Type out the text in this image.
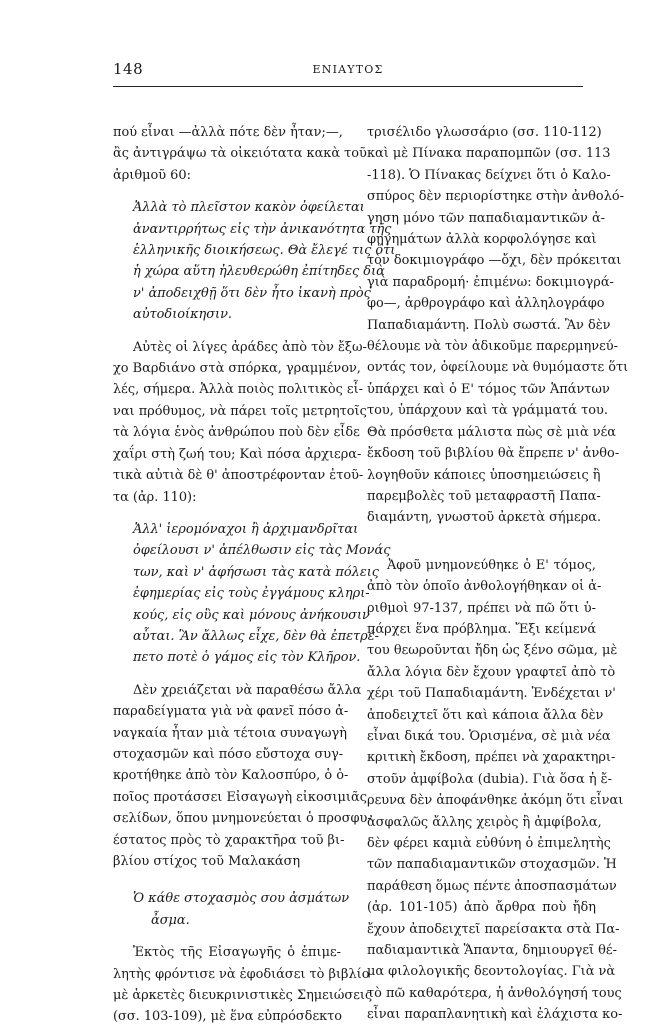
148	ΕΝΙΑΥΤΟΣ

πού εἶναι —ἀλλὰ πότε δὲν ἦταν;—,
ἂς ἀντιγράψω τὰ οἰκειότατα κακὰ τοῦ
ἀριθμοῦ 60:

Ἀλλὰ τὸ πλεῖστον κακὸν ὀφείλεται
ἀναντιρρήτως εἰς τὴν ἀνικανότητα τῆς
ἑλληνικῆς διοικήσεως. Θὰ ἔλεγέ τις ὅτι
ἡ χώρα αὕτη ἠλευθερώθη ἐπίτηδες διὰ
ν' ἀποδειχθῇ ὅτι δὲν ἦτο ἱκανὴ πρὸς
αὐτοδιοίκησιν.

Αὐτὲς οἱ λίγες ἀράδες ἀπὸ τὸν ἔξω-
χο Βαρδιάνο στὰ σπόρκα, γραμμένον,
λές, σήμερα. Ἀλλὰ ποιὸς πολιτικὸς εἶ-
ναι πρόθυμος, νὰ πάρει τοῖς μετρητοῖς
τὰ λόγια ἑνὸς ἀνθρώπου ποὺ δὲν εἶδε
χαΐρι στὴ ζωή του; Καὶ πόσα ἀρχιερα-
τικὰ αὐτιὰ δὲ θ' ἀποστρέφονταν ἐτοῦ-
τα (ἀρ. 110):

Ἀλλ' ἱερομόναχοι ἢ ἀρχιμανδρῖται
ὀφείλουσι ν' ἀπέλθωσιν εἰς τὰς Μονάς
των, καὶ ν' ἀφήσωσι τὰς κατὰ πόλεις
ἐφημερίας εἰς τοὺς ἐγγάμους κληρι-
κούς, εἰς οὓς καὶ μόνους ἀνήκουσιν
αὗται. Ἂν ἄλλως εἶχε, δὲν θὰ ἐπετρέ-
πετο ποτὲ ὁ γάμος εἰς τὸν Κλῆρον.

Δὲν χρειάζεται νὰ παραθέσω ἄλλα
παραδείγματα γιὰ νὰ φανεῖ πόσο ἀ-
ναγκαία ἦταν μιὰ τέτοια συναγωγὴ
στοχασμῶν καὶ πόσο εὔστοχα συγ-
κροτήθηκε ἀπὸ τὸν Καλοσπύρο, ὁ ὁ-
ποῖος προτάσσει Εἰσαγωγὴ εἰκοσιμιᾶς
σελίδων, ὅπου μνημονεύεται ὁ προσφυ-
έστατος πρὸς τὸ χαρακτῆρα τοῦ βι-
βλίου στίχος τοῦ Μαλακάση

Ὁ κάθε στοχασμὸς σου ἀσμάτων
ἆσμα.

Ἐκτὸς τῆς Εἰσαγωγῆς ὁ ἐπιμε-
λητὴς φρόντισε νὰ ἐφοδιάσει τὸ βιβλίο
μὲ ἀρκετὲς διευκρινιστικὲς Σημειώσεις
(σσ. 103-109), μὲ ἕνα εὐπρόσδεκτο

τρισέλιδο γλωσσάριο (σσ. 110-112)
καὶ μὲ Πίνακα παραπομπῶν (σσ. 113
-118). Ὁ Πίνακας δείχνει ὅτι ὁ Καλο-
σπύρος δὲν περιορίστηκε στὴν ἀνθολό-
γηση μόνο τῶν παπαδιαμαντικῶν ἀ-
φηγημάτων ἀλλὰ κορφολόγησε καὶ
τὸν δοκιμιογράφο —ὄχι, δὲν πρόκειται
γιὰ παραδρομή· ἐπιμένω: δοκιμιογρά-
φο—, ἀρθρογράφο καὶ ἀλληλογράφο
Παπαδιαμάντη. Πολὺ σωστά. Ἂν δὲν
θέλουμε νὰ τὸν ἀδικοῦμε παρερμηνεύ-
οντάς τον, ὀφείλουμε νὰ θυμόμαστε ὅτι
ὑπάρχει καὶ ὁ Ε' τόμος τῶν Ἁπάντων
του, ὑπάρχουν καὶ τὰ γράμματά του.
Θὰ πρόσθετα μάλιστα πὼς σὲ μιὰ νέα
ἔκδοση τοῦ βιβλίου θὰ ἔπρεπε ν' ἀνθο-
λογηθοῦν κάποιες ὑποσημειώσεις ἢ
παρεμβολὲς τοῦ μεταφραστῆ Παπα-
διαμάντη, γνωστοῦ ἀρκετὰ σήμερα.

Ἀφοῦ μνημονεύθηκε ὁ Ε' τόμος,
ἀπὸ τὸν ὁποῖο ἀνθολογήθηκαν οἱ ἀ-
ριθμοὶ 97-137, πρέπει νὰ πῶ ὅτι ὑ-
πάρχει ἕνα πρόβλημα. Ἔξι κείμενά
του θεωροῦνται ἤδη ὡς ξένο σῶμα, μὲ
ἄλλα λόγια δὲν ἔχουν γραφτεῖ ἀπὸ τὸ
χέρι τοῦ Παπαδιαμάντη. Ἐνδέχεται ν'
ἀποδειχτεῖ ὅτι καὶ κάποια ἄλλα δὲν
εἶναι δικά του. Ὁρισμένα, σὲ μιὰ νέα
κριτικὴ ἔκδοση, πρέπει νὰ χαρακτηρι-
στοῦν ἀμφίβολα (dubia). Γιὰ ὅσα ἡ ἔ-
ρευνα δὲν ἀποφάνθηκε ἀκόμη ὅτι εἶναι
ἀσφαλῶς ἄλλης χειρὸς ἢ ἀμφίβολα,
δὲν φέρει καμιὰ εὐθύνη ὁ ἐπιμελητὴς
τῶν παπαδιαμαντικῶν στοχασμῶν. Ἡ
παράθεση ὅμως πέντε ἀποσπασμάτων
(ἀρ. 101-105) ἀπὸ ἄρθρα ποὺ ἤδη
ἔχουν ἀποδειχτεῖ παρείσακτα στὰ Πα-
παδιαμαντικὰ Ἅπαντα, δημιουργεῖ θέ-
μα φιλολογικῆς δεοντολογίας. Γιὰ νὰ
τὸ πῶ καθαρότερα, ἡ ἀνθολόγησή τους
εἶναι παραπλανητικὴ καὶ ἐλάχιστα κο-
